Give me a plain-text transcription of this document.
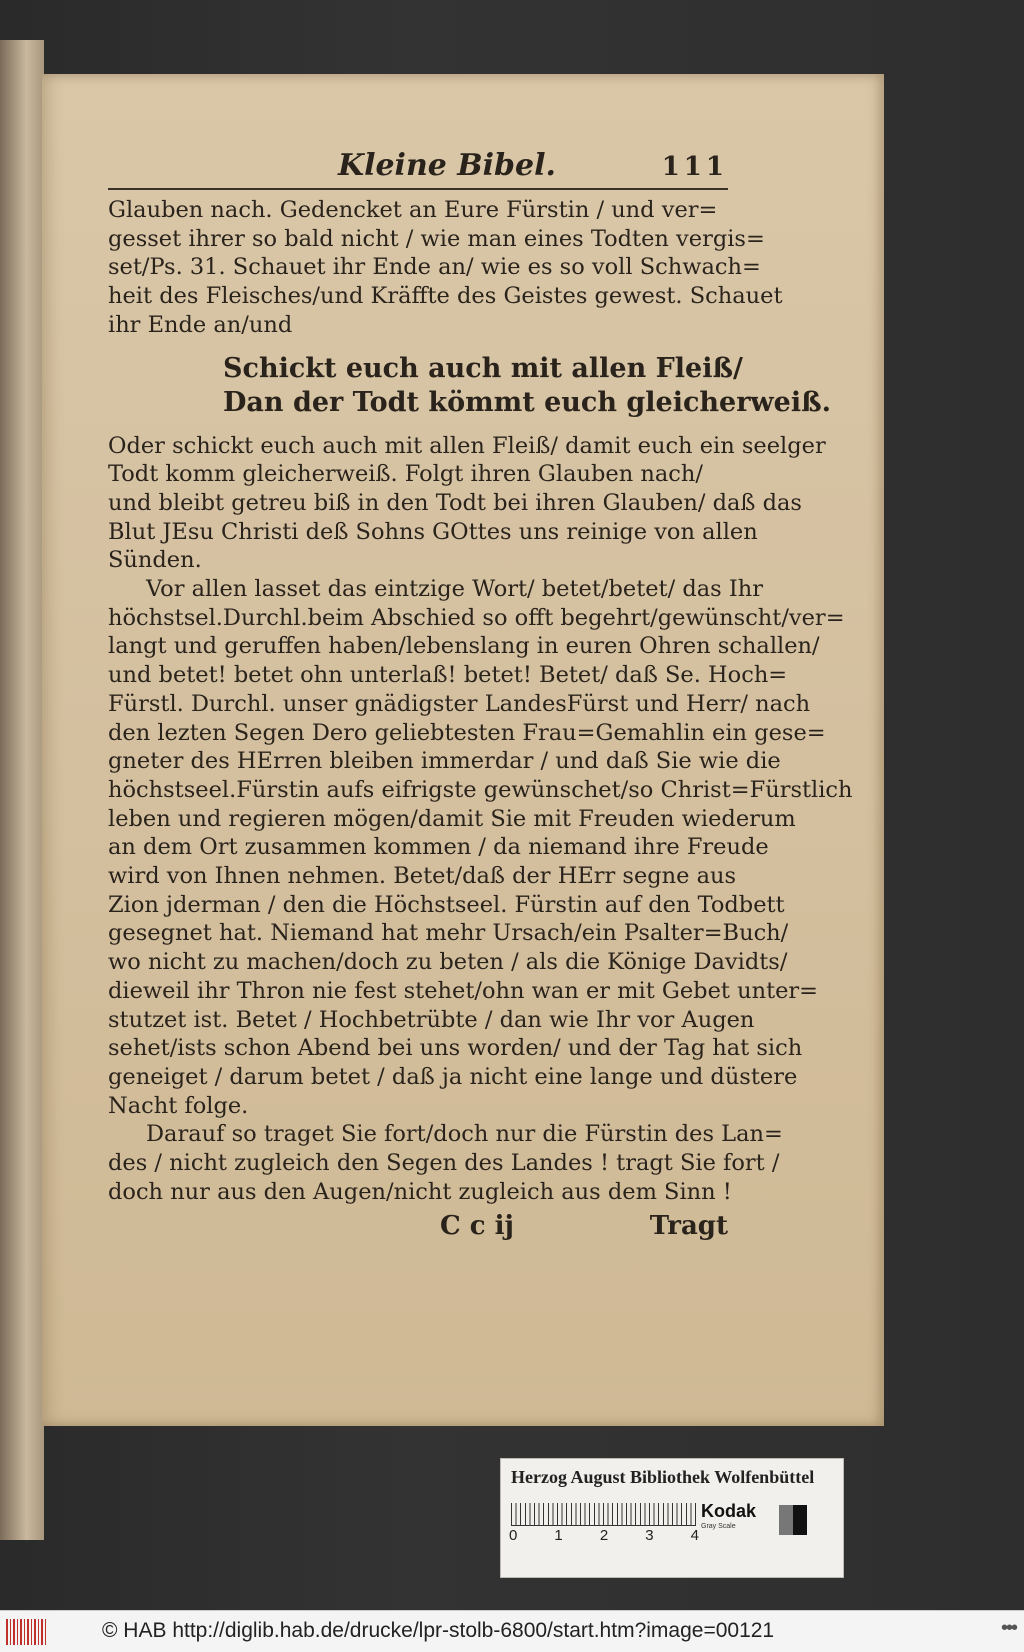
Kleine Bibel.	111
Glauben nach. Gedencket an Eure Fürstin / und ver=
gesset ihrer so bald nicht / wie man eines Todten vergis=
set/Ps. 31. Schauet ihr Ende an/ wie es so voll Schwach=
heit des Fleisches/und Kräffte des Geistes gewest. Schauet
ihr Ende an/und
Schickt euch auch mit allen Fleiß/
Dan der Todt kömmt euch gleicherweiß.
Oder schickt euch auch mit allen Fleiß/ damit euch ein seelger
Todt komm gleicherweiß. Folgt ihren Glauben nach/
und bleibt getreu biß in den Todt bei ihren Glauben/ daß das
Blut JEsu Christi deß Sohns GOttes uns reinige von allen
Sünden.
Vor allen lasset das eintzige Wort/ betet/betet/ das Ihr
höchstsel.Durchl.beim Abschied so offt begehrt/gewünscht/ver=
langt und geruffen haben/lebenslang in euren Ohren schallen/
und betet! betet ohn unterlaß! betet! Betet/ daß Se. Hoch=
Fürstl. Durchl. unser gnädigster LandesFürst und Herr/ nach
den lezten Segen Dero geliebtesten Frau=Gemahlin ein gese=
gneter des HErren bleiben immerdar / und daß Sie wie die
höchstseel.Fürstin aufs eifrigste gewünschet/so Christ=Fürstlich
leben und regieren mögen/damit Sie mit Freuden wiederum
an dem Ort zusammen kommen / da niemand ihre Freude
wird von Ihnen nehmen. Betet/daß der HErr segne aus
Zion jderman / den die Höchstseel. Fürstin auf den Todbett
gesegnet hat. Niemand hat mehr Ursach/ein Psalter=Buch/
wo nicht zu machen/doch zu beten / als die Könige Davidts/
dieweil ihr Thron nie fest stehet/ohn wan er mit Gebet unter=
stutzet ist. Betet / Hochbetrübte / dan wie Ihr vor Augen
sehet/ists schon Abend bei uns worden/ und der Tag hat sich
geneiget / darum betet / daß ja nicht eine lange und düstere
Nacht folge.
Darauf so traget Sie fort/doch nur die Fürstin des Lan=
des / nicht zugleich den Segen des Landes ! tragt Sie fort /
doch nur aus den Augen/nicht zugleich aus dem Sinn !
C c ij	Tragt
Herzog August Bibliothek Wolfenbüttel
0 1 2 3 4
Kodak
Gray Scale
© HAB http://diglib.hab.de/drucke/lpr-stolb-6800/start.htm?image=00121	•••
